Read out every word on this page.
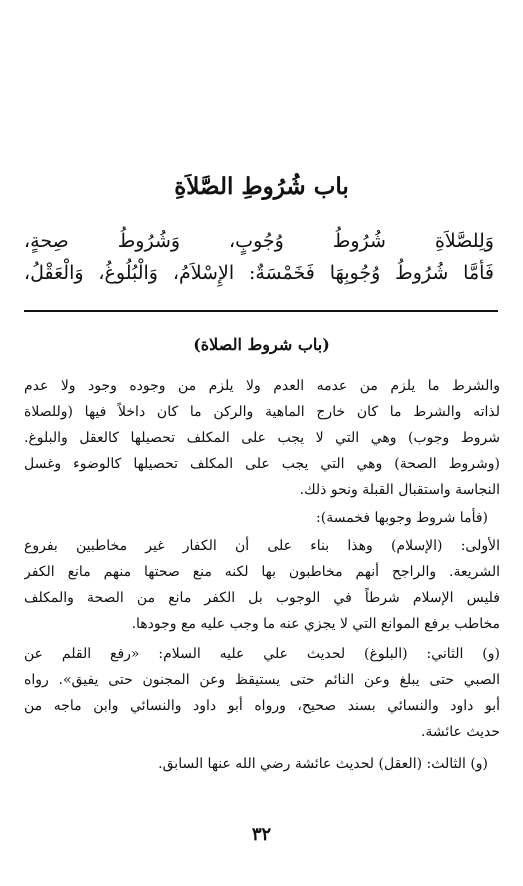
باب شُرُوطِ الصَّلاَةِ
وَلِلصَّلاَةِ شُرُوطُ وُجُوبٍ، وَشُرُوطُ صِحةٍ،
فَأَمَّا شُرُوطُ وُجُوبِهَا فَخَمْسَةٌ: الإِسْلاَمُ، وَالْبُلُوغُ، وَالْعَقْلُ،
(باب شروط الصلاة)
والشرط ما يلزم من عدمه العدم ولا يلزم من وجوده وجود ولا عدم
لذاته والشرط ما كان خارج الماهية والركن ما كان داخلاً فيها (وللصلاة
شروط وجوب) وهي التي لا يجب على المكلف تحصيلها كالعقل والبلوغ.
(وشروط الصحة) وهي التي يجب على المكلف تحصيلها كالوضوء وغسل
النجاسة واستقبال القبلة ونحو ذلك.
(فأما شروط وجوبها فخمسة):
الأولى: (الإسلام) وهذا بناء على أن الكفار غير مخاطبين بفروع
الشريعة. والراجح أنهم مخاطبون بها لكنه منع صحتها منهم مانع الكفر
فليس الإسلام شرطاً في الوجوب بل الكفر مانع من الصحة والمكلف
مخاطب برفع الموانع التي لا يجزي عنه ما وجب عليه مع وجودها.
(و) الثاني: (البلوغ) لحديث علي عليه السلام: «رفع القلم عن
الصبي حتى يبلغ وعن النائم حتى يستيقظ وعن المجنون حتى يفيق». رواه
أبو داود والنسائي بسند صحيح، ورواه أبو داود والنسائي وابن ماجه من
حديث عائشة.
(و) الثالث: (العقل) لحديث عائشة رضي الله عنها السابق.
٣٢
